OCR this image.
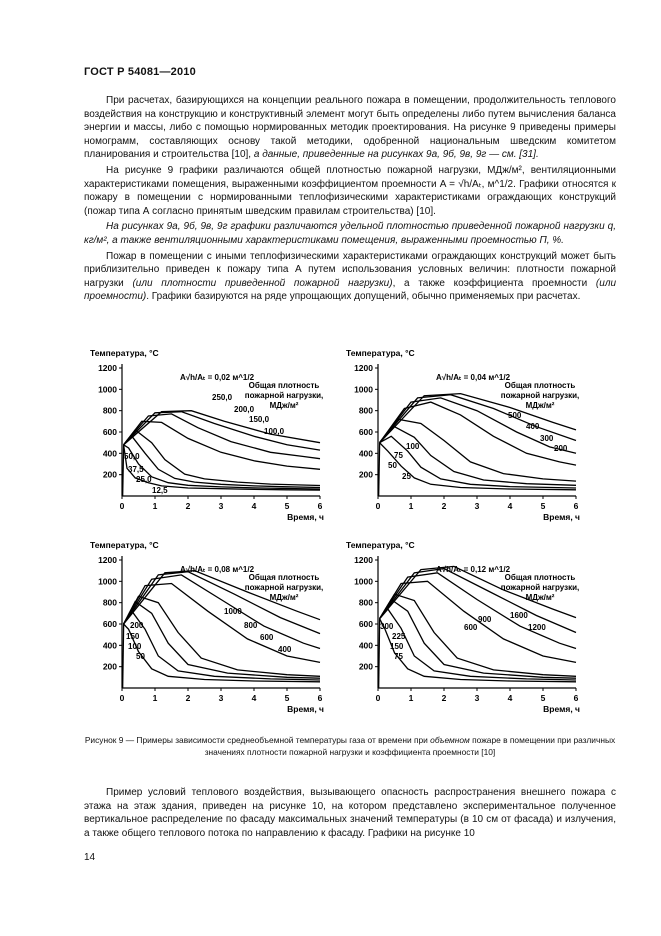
ГОСТ Р 54081—2010

При расчетах, базирующихся на концепции реального пожара в помещении, продолжительность теплового воздействия на конструкцию и конструктивный элемент могут быть определены либо путем вычисления баланса энергии и массы, либо с помощью нормированных методик проектирования. На рисунке 9 приведены примеры номограмм, составляющих основу такой методики, одобренной национальным шведским комитетом планирования и строительства [10], а данные, приведенные на рисунках 9а, 9б, 9в, 9г — см. [31].

На рисунке 9 графики различаются общей плотностью пожарной нагрузки, МДж/м², вентиляционными характеристиками помещения, выраженными коэффициентом проемности A = √h/Aₜ, м^1/2. Графики относятся к пожару в помещении с нормированными теплофизическими характеристиками ограждающих конструкций (пожар типа А согласно принятым шведским правилам строительства) [10].

На рисунках 9а, 9б, 9в, 9г графики различаются удельной плотностью приведенной пожарной нагрузки q, кг/м², а также вентиляционными характеристиками помещения, выраженными проемностью П, %.

Пожар в помещении с иными теплофизическими характеристиками ограждающих конструкций может быть приблизительно приведен к пожару типа А путем использования условных величин: плотности пожарной нагрузки (или плотности приведенной пожарной нагрузки), а также коэффициента проемности (или проемности). Графики базируются на ряде упрощающих допущений, обычно применяемых при расчетах.

200
400
600
800
1000
1200
0	1	2	3	4	5	6
Температура, °С
Время, ч
A√h/Aₜ = 0,02 м^1/2
Общая плотность пожарной нагрузки, МДж/м²
250,0
200,0
150,0
100,0
50,0
37,5
25,0
12,5
200
400
600
800
1000
1200
0	1	2	3	4	5	6
Температура, °С
Время, ч
A√h/Aₜ = 0,04 м^1/2
Общая плотность пожарной нагрузки, МДж/м²
500
400
300
200
100
75
50
25
200
400
600
800
1000
1200
0	1	2	3	4	5	6
Температура, °С
Время, ч
A√h/Aₜ = 0,08 м^1/2
Общая плотность пожарной нагрузки, МДж/м²
1000
800
600
400
200
150
100
50
200
400
600
800
1000
1200
0	1	2	3	4	5	6
Температура, °С
Время, ч
A√h/Aₜ = 0,12 м^1/2
Общая плотность пожарной нагрузки, МДж/м²
1600
1200
900
600
300
225
150
75
Рисунок 9 — Примеры зависимости среднеобъемной температуры газа от времени при объемном пожаре в помещении при различных значениях плотности пожарной нагрузки и коэффициента проемности [10]

Пример условий теплового воздействия, вызывающего опасность распространения внешнего пожара с этажа на этаж здания, приведен на рисунке 10, на котором представлено экспериментальное полученное вертикальное распределение по фасаду максимальных значений температуры (в 10 см от фасада) и излучения, а также общего теплового потока по направлению к фасаду. Графики на рисунке 10

14
